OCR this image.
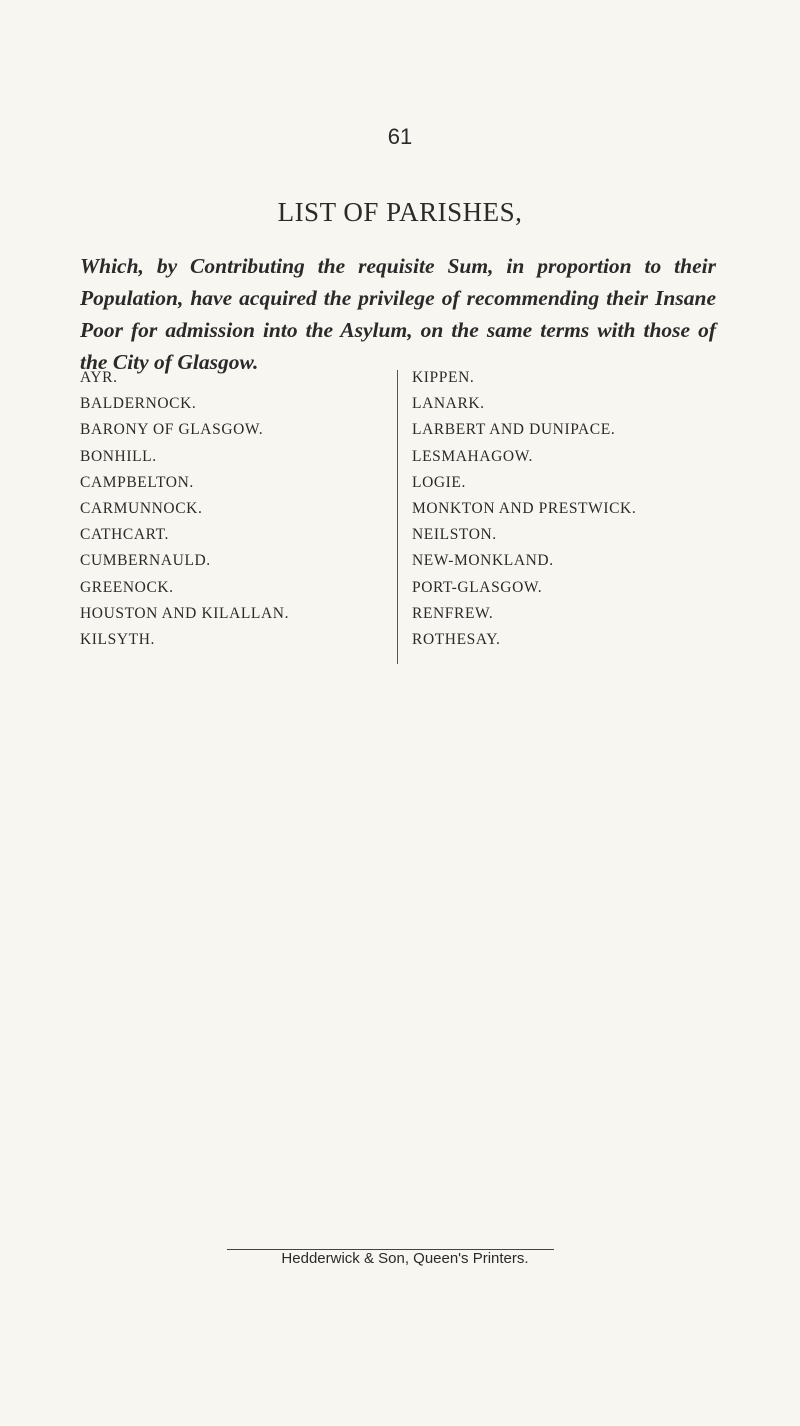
61
LIST OF PARISHES,
Which, by Contributing the requisite Sum, in proportion to their Population, have acquired the privilege of recommending their Insane Poor for admission into the Asylum, on the same terms with those of the City of Glasgow.
AYR.
BALDERNOCK.
BARONY OF GLASGOW.
BONHILL.
CAMPBELTON.
CARMUNNOCK.
CATHCART.
CUMBERNAULD.
GREENOCK.
HOUSTON AND KILALLAN.
KILSYTH.
KIPPEN.
LANARK.
LARBERT AND DUNIPACE.
LESMAHAGOW.
LOGIE.
MONKTON AND PRESTWICK.
NEILSTON.
NEW-MONKLAND.
PORT-GLASGOW.
RENFREW.
ROTHESAY.
Hedderwick & Son, Queen's Printers.
